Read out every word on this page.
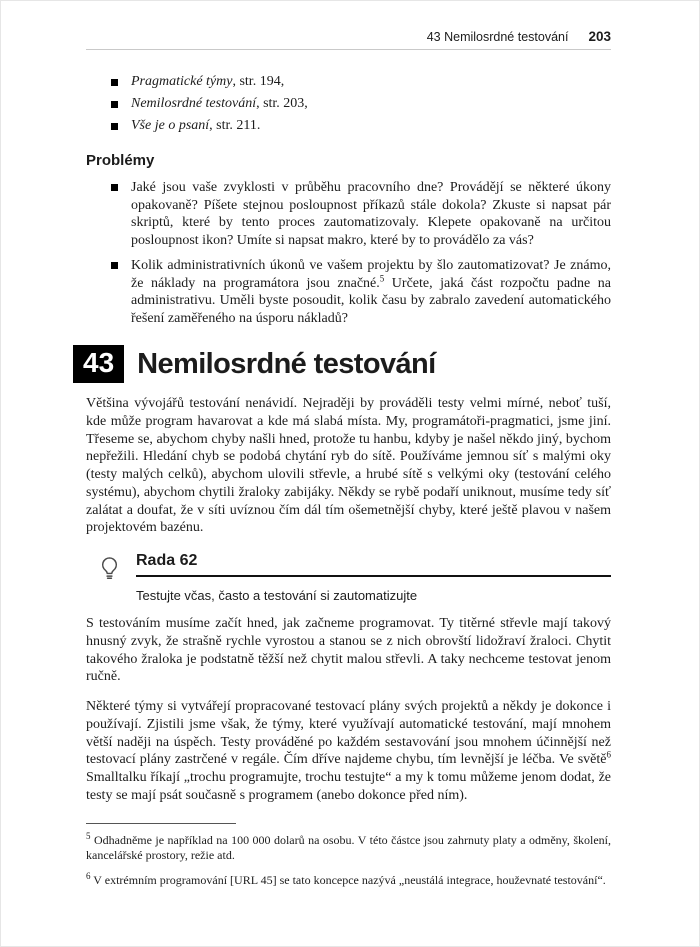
43 Nemilosrdné testování 203
Pragmatické týmy, str. 194,
Nemilosrdné testování, str. 203,
Vše je o psaní, str. 211.
Problémy
Jaké jsou vaše zvyklosti v průběhu pracovního dne? Provádějí se některé úkony opakovaně? Píšete stejnou posloupnost příkazů stále dokola? Zkuste si napsat pár skriptů, které by tento proces zautomatizovaly. Klepete opakovaně na určitou posloupnost ikon? Umíte si napsat makro, které by to provádělo za vás?
Kolik administrativních úkonů ve vašem projektu by šlo zautomatizovat? Je známo, že náklady na programátora jsou značné.$^5$ Určete, jaká část rozpočtu padne na administrativu. Uměli byste posoudit, kolik času by zabralo zavedení automatického řešení zaměřeného na úsporu nákladů?
43 Nemilosrdné testování

Většina vývojářů testování nenávidí. Nejraději by prováděli testy velmi mírné, neboť tuší, kde může program havarovat a kde má slabá místa. My, programátoři-pragmatici, jsme jiní. Třeseme se, abychom chyby našli hned, protože tu hanbu, kdyby je našel někdo jiný, bychom nepřežili. Hledání chyb se podobá chytání ryb do sítě. Používáme jemnou síť s malými oky (testy malých celků), abychom ulovili střevle, a hrubé sítě s velkými oky (testování celého systému), abychom chytili žraloky zabijáky. Někdy se rybě podaří uniknout, musíme tedy síť zalátat a doufat, že v síti uvíznou čím dál tím ošemetnější chyby, které ještě plavou v našem projektovém bazénu.

Rada 62
Testujte včas, často a testování si zautomatizujte

S testováním musíme začít hned, jak začneme programovat. Ty titěrné střevle mají takový hnusný zvyk, že strašně rychle vyrostou a stanou se z nich obrovští lidožraví žraloci. Chytit takového žraloka je podstatně těžší než chytit malou střevli. A taky nechceme testovat jenom ručně.

Některé týmy si vytvářejí propracované testovací plány svých projektů a někdy je dokonce i používají. Zjistili jsme však, že týmy, které využívají automatické testování, mají mnohem větší naději na úspěch. Testy prováděné po každém sestavování jsou mnohem účinnější než testovací plány zastrčené v regále. Čím dříve najdeme chybu, tím levnější je léčba. Ve světě$^6$ Smalltalku říkají „trochu programujte, trochu testujte“ a my k tomu můžeme jenom dodat, že testy se mají psát současně s programem (anebo dokonce před ním).

$^5$ Odhadněme je například na 100 000 dolarů na osobu. V této částce jsou zahrnuty platy a odměny, školení, kancelářské prostory, režie atd.
$^6$ V extrémním programování [URL 45] se tato koncepce nazývá „neustálá integrace, houževnaté testování“.
